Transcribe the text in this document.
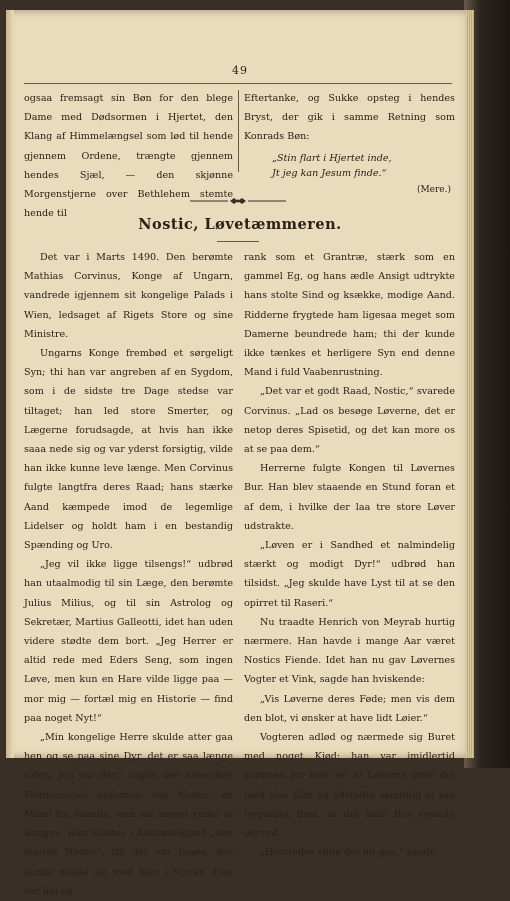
49

ogsaa fremsagt sin Bøn for den blege Dame med Dødsormen i Hjertet, den Klang af Himmelængsel som lød til hende gjennem Ordene, trængte gjennem hendes Sjæl, — den skjønne Morgenstjerne over Bethlehem stemte hende til

Eftertanke, og Sukke opsteg i hendes Bryst, der gik i samme Retning som Konrads Bøn:

„Stin flart i Hjertet inde,
Jt jeg kan Jesum finde.“
(Mere.)
Nostic, Løvetæmmeren.

Det var i Marts 1490. Den berømte Mathias Corvinus, Konge af Ungarn, vandrede igjennem sit kongelige Palads i Wien, ledsaget af Rigets Store og sine Ministre.

Ungarns Konge frembød et sørgeligt Syn; thi han var angreben af en Sygdom, som i de sidste tre Dage stedse var tiltaget; han led store Smerter, og Lægerne forudsagde, at hvis han ikke saaa nede sig og var yderst forsigtig, vilde han ikke kunne leve længe. Men Corvinus fulgte langtfra deres Raad; hans stærke Aand kæmpede imod de legemlige Lidelser og holdt ham i en bestandig Spænding og Uro.

„Jeg vil ikke ligge tilsengs!“ udbrød han utaalmodig til sin Læge, den berømte Julius Milius, og til sin Astrolog og Sekretær, Martius Galleotti, idet han uden videre stødte dem bort. „Jeg Herrer er altid rede med Eders Seng, som ingen Løve, men kun en Hare vilde ligge paa — mor mig — fortæl mig en Historie — find paa noget Nyt!“

„Min kongelige Herre skulde atter gaa hen og se paa sine Dyr, det er saa længe siden, Jeg var der,“ sagde den keiserlige Feltmarschal Sigismun von Nostic, en Mand fra Sausitz, som var meget yndet af Kongen. Han kaldtes i Almindelighed „den stærke Nostic“; thi der var Ingen, der kunde maale sig med ham i Styrke. Han var høi og

rank som et Grantræ, stærk som en gammel Eg, og hans ædle Ansigt udtrykte hans stolte Sind og ksække, modige Aand. Ridderne frygtede ham ligesaa meget som Damerne beundrede ham; thi der kunde ikke tænkes et herligere Syn end denne Mand i fuld Vaabenrustning.

„Det var et godt Raad, Nostic,“ svarede Corvinus. „Lad os besøge Løverne, det er netop deres Spisetid, og det kan more os at se paa dem.“

Herrerne fulgte Kongen til Løvernes Bur. Han blev staaende en Stund foran et af dem, i hvilke der laa tre store Løver udstrakte.

„Løven er i Sandhed et nalmindelig stærkt og modigt Dyr!“ udbrød han tilsidst. „Jeg skulde have Lyst til at se den opirret til Raseri.“

Nu traadte Henrich von Meyrab hurtig nærmere. Han havde i mange Aar været Nostics Fiende. Idet han nu gav Løvernes Vogter et Vink, sagde han hviskende:

„Vis Løverne deres Føde; men vis dem den blot, vi ønsker at have lidt Løier.“

Vogteren adlød og nærmede sig Buret med noget Kjød; han var imidlertid kommen for nær, en af Løverne greb det med sine Klør og udstødte samtidig et saa frygteligt Brøl, at det hele Bur rystede derved.

„Hvorledes vilde det nu gaa,“ sagde
